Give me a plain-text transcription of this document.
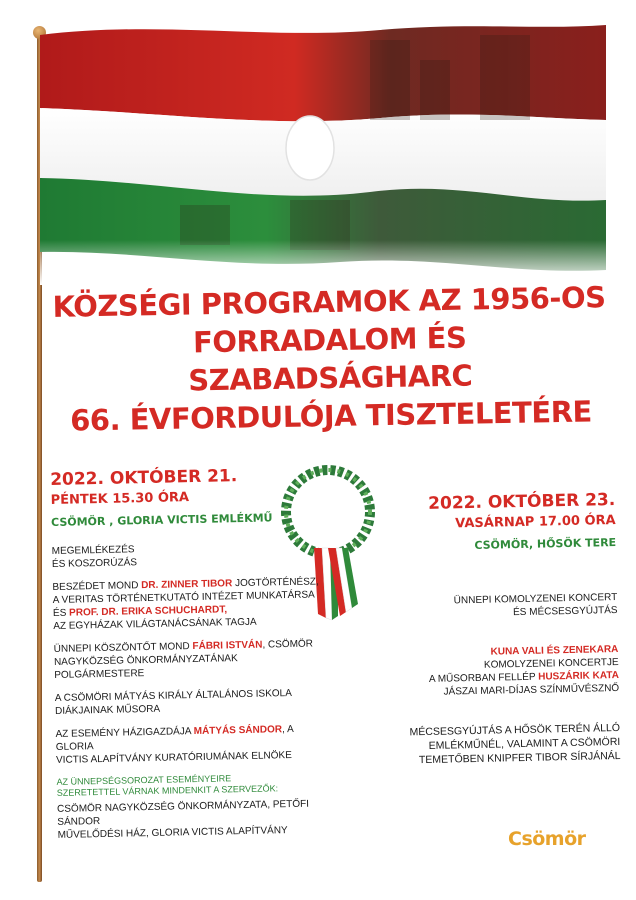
KÖZSÉGI PROGRAMOK AZ 1956-OS
FORRADALOM ÉS SZABADSÁGHARC
66. ÉVFORDULÓJA TISZTELETÉRE
2022. OKTÓBER 21.
PÉNTEK 15.30 ÓRA
CSÖMÖR , GLORIA VICTIS EMLÉKMŰ
MEGEMLÉKEZÉS
ÉS KOSZORÚZÁS
BESZÉDET MOND DR. ZINNER TIBOR JOGTÖRTÉNÉSZ,
A VERITAS TÖRTÉNETKUTATÓ INTÉZET MUNKATÁRSA
ÉS PROF. DR. ERIKA SCHUCHARDT,
AZ EGYHÁZAK VILÁGTANÁCSÁNAK TAGJA
ÜNNEPI KÖSZÖNTŐT MOND FÁBRI ISTVÁN, CSÖMÖR
NAGYKÖZSÉG ÖNKORMÁNYZATÁNAK POLGÁRMESTERE
A CSÖMÖRI MÁTYÁS KIRÁLY ÁLTALÁNOS ISKOLA
DIÁKJAINAK MŰSORA
AZ ESEMÉNY HÁZIGAZDÁJA MÁTYÁS SÁNDOR, A GLORIA
VICTIS ALAPÍTVÁNY KURATÓRIUMÁNAK ELNÖKE
AZ ÜNNEPSÉGSOROZAT ESEMÉNYEIRE
SZERETETTEL VÁRNAK MINDENKIT A SZERVEZŐK:
CSÖMÖR NAGYKÖZSÉG ÖNKORMÁNYZATA, PETŐFI SÁNDOR
MŰVELŐDÉSI HÁZ, GLORIA VICTIS ALAPÍTVÁNY
2022. OKTÓBER 23.
VASÁRNAP 17.00 ÓRA
CSÖMÖR, HŐSÖK TERE
ÜNNEPI KOMOLYZENEI KONCERT
ÉS MÉCSESGYÚJTÁS
KUNA VALI ÉS ZENEKARA
KOMOLYZENEI KONCERTJE
A MŰSORBAN FELLÉP HUSZÁRIK KATA
JÁSZAI MARI-DÍJAS SZÍNMŰVÉSZNŐ
MÉCSESGYÚJTÁS A HŐSÖK TERÉN ÁLLÓ
EMLÉKMŰNÉL, VALAMINT A CSÖMÖRI
TEMETŐBEN KNIPFER TIBOR SÍRJÁNÁL
Csömör
